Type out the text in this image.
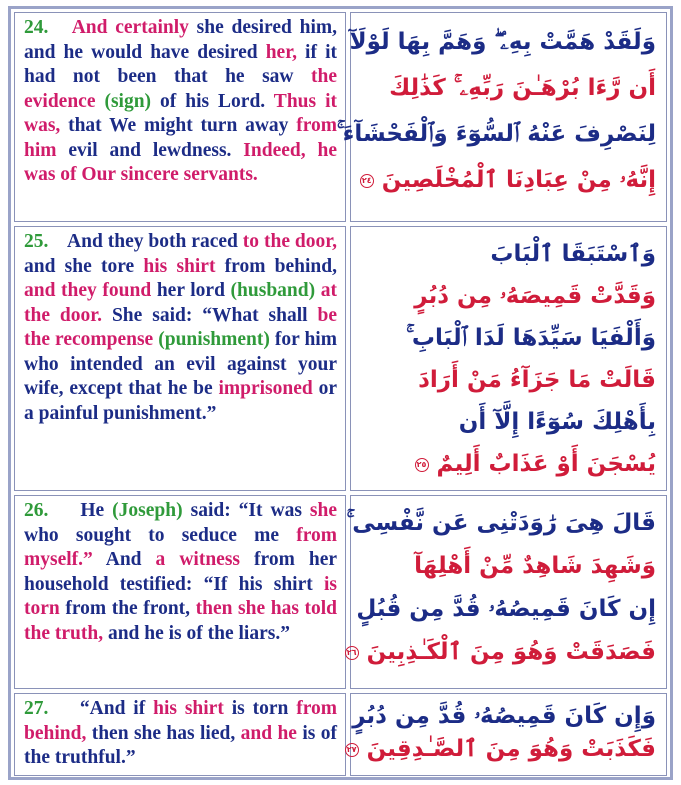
24. And certainly she desired him, and he would have desired her, if it had not been that he saw the evidence (sign) of his Lord. Thus it was, that We might turn away from him evil and lewdness. Indeed, he was of Our sincere servants.

وَلَقَدْ هَمَّتْ بِهِۦ ۖ وَهَمَّ بِهَا لَوْلَآ
أَن رَّءَا بُرْهَـٰنَ رَبِّهِۦ ۚ كَذَٰلِكَ
لِنَصْرِفَ عَنْهُ ٱلسُّوٓءَ وَٱلْفَحْشَآءَ ۚ
إِنَّهُۥ مِنْ عِبَادِنَا ٱلْمُخْلَصِينَ ٢٤

25.    And they both raced to the door, and she tore his shirt from behind, and they found her lord (husband) at the door. She said: “What shall be the recompense (punishment) for him who intended an evil against your wife, except that he be imprisoned or a painful punishment.”

وَٱسْتَبَقَا ٱلْبَابَ
وَقَدَّتْ قَمِيصَهُۥ مِن دُبُرٍ
وَأَلْفَيَا سَيِّدَهَا لَدَا ٱلْبَابِ ۚ
قَالَتْ مَا جَزَآءُ مَنْ أَرَادَ
بِأَهْلِكَ سُوٓءًا إِلَّآ أَن
يُسْجَنَ أَوْ عَذَابٌ أَلِيمٌ ٢٥

26.    He (Joseph) said: “It was she who sought to seduce me from myself.” And a witness from her household testified: “If his shirt is torn from the front, then she has told the truth, and he is of the liars.”

قَالَ هِىَ رَٰوَدَتْنِى عَن نَّفْسِى ۚ
وَشَهِدَ شَاهِدٌ مِّنْ أَهْلِهَآ
إِن كَانَ قَمِيصُهُۥ قُدَّ مِن قُبُلٍ
فَصَدَقَتْ وَهُوَ مِنَ ٱلْكَـٰذِبِينَ ٢٦

27.    “And if his shirt is torn from behind, then she has lied, and he is of the truthful.”

وَإِن كَانَ قَمِيصُهُۥ قُدَّ مِن دُبُرٍ
فَكَذَبَتْ وَهُوَ مِنَ ٱلصَّـٰدِقِينَ ٢٧
